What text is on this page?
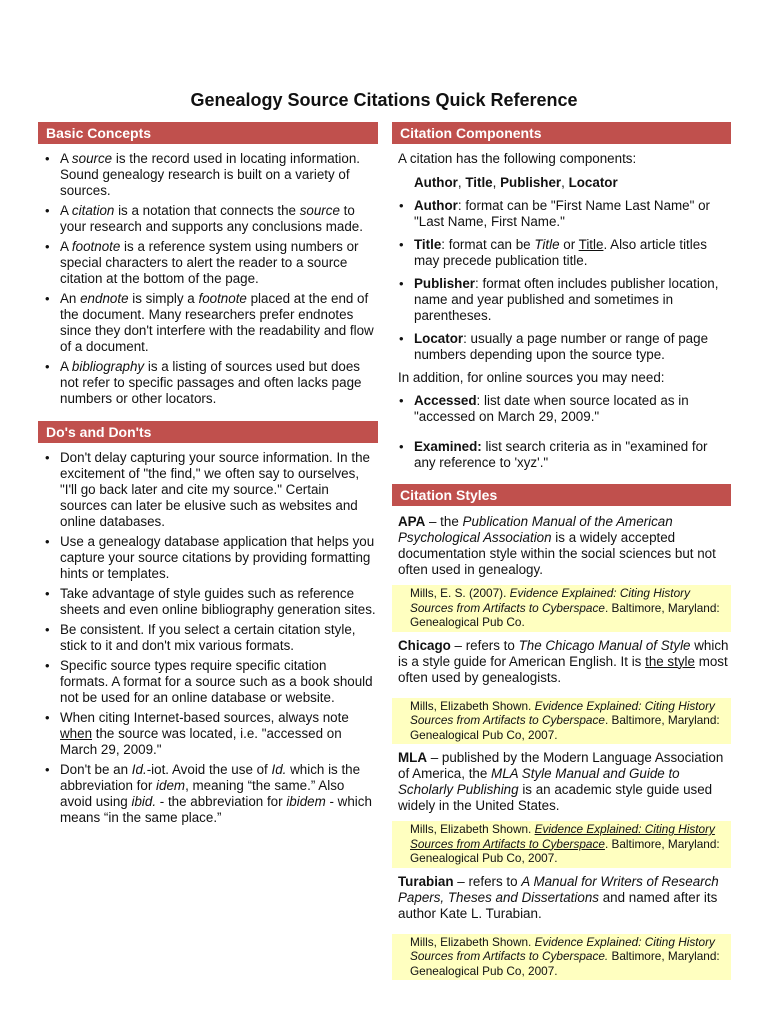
Genealogy Source Citations Quick Reference
Basic Concepts
• A source is the record used in locating information. Sound genealogy research is built on a variety of sources.
• A citation is a notation that connects the source to your research and supports any conclusions made.
• A footnote is a reference system using numbers or special characters to alert the reader to a source citation at the bottom of the page.
• An endnote is simply a footnote placed at the end of the document. Many researchers prefer endnotes since they don't interfere with the readability and flow of a document.
• A bibliography is a listing of sources used but does not refer to specific passages and often lacks page numbers or other locators.
Do's and Don'ts
• Don't delay capturing your source information. In the excitement of "the find," we often say to ourselves, "I'll go back later and cite my source." Certain sources can later be elusive such as websites and online databases.
• Use a genealogy database application that helps you capture your source citations by providing formatting hints or templates.
• Take advantage of style guides such as reference sheets and even online bibliography generation sites.
• Be consistent. If you select a certain citation style, stick to it and don't mix various formats.
• Specific source types require specific citation formats. A format for a source such as a book should not be used for an online database or website.
• When citing Internet-based sources, always note when the source was located, i.e. "accessed on March 29, 2009."
• Don't be an Id.-iot. Avoid the use of Id. which is the abbreviation for idem, meaning “the same.” Also avoid using ibid. - the abbreviation for ibidem - which means “in the same place.”
Citation Components
A citation has the following components:
Author, Title, Publisher, Locator
• Author: format can be "First Name Last Name" or "Last Name, First Name."
• Title: format can be Title or Title. Also article titles may precede publication title.
• Publisher: format often includes publisher location, name and year published and sometimes in parentheses.
• Locator: usually a page number or range of page numbers depending upon the source type.
In addition, for online sources you may need:
• Accessed: list date when source located as in "accessed on March 29, 2009."
• Examined: list search criteria as in "examined for any reference to 'xyz'."
Citation Styles
APA – the Publication Manual of the American Psychological Association is a widely accepted documentation style within the social sciences but not often used in genealogy.
Mills, E. S. (2007). Evidence Explained: Citing History Sources from Artifacts to Cyberspace. Baltimore, Maryland: Genealogical Pub Co.
Chicago – refers to The Chicago Manual of Style which is a style guide for American English. It is the style most often used by genealogists.
Mills, Elizabeth Shown. Evidence Explained: Citing History Sources from Artifacts to Cyberspace. Baltimore, Maryland: Genealogical Pub Co, 2007.
MLA – published by the Modern Language Association of America, the MLA Style Manual and Guide to Scholarly Publishing is an academic style guide used widely in the United States.
Mills, Elizabeth Shown. Evidence Explained: Citing History Sources from Artifacts to Cyberspace. Baltimore, Maryland: Genealogical Pub Co, 2007.
Turabian – refers to A Manual for Writers of Research Papers, Theses and Dissertations and named after its author Kate L. Turabian.
Mills, Elizabeth Shown. Evidence Explained: Citing History Sources from Artifacts to Cyberspace. Baltimore, Maryland: Genealogical Pub Co, 2007.
